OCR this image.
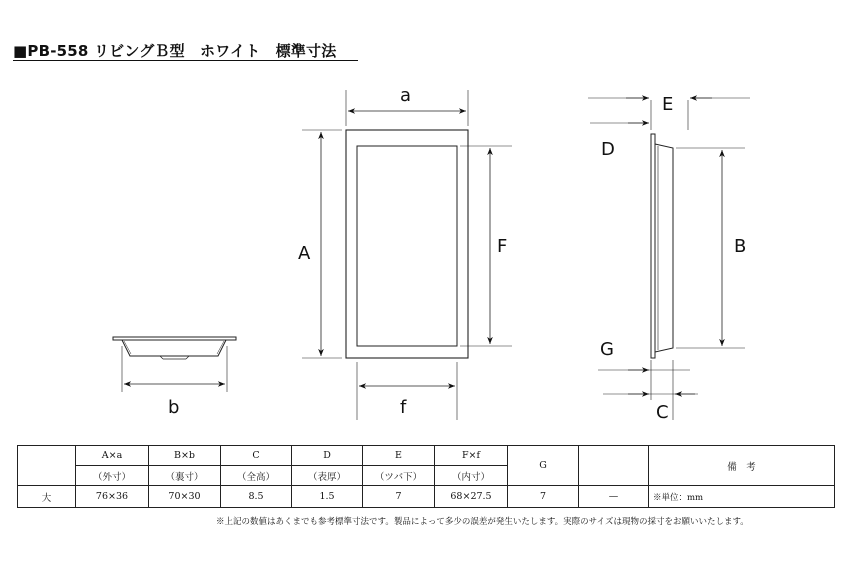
■PB-558 リビングＢ型　ホワイト　標準寸法
a
A	F
f
b
E
D
B
G
C
	A×a	B×b	C	D	E	F×f	G		備　考
	（外寸）	（裏寸）	（全高）	（表厚）	（ツバ下）	（内寸）			
大	76×36	70×30	8.5	1.5	7	68×27.5	7	—	※単位：mm
※上記の数値はあくまでも参考標準寸法です。製品によって多少の誤差が発生いたします。実際のサイズは現物の採寸をお願いいたします。
